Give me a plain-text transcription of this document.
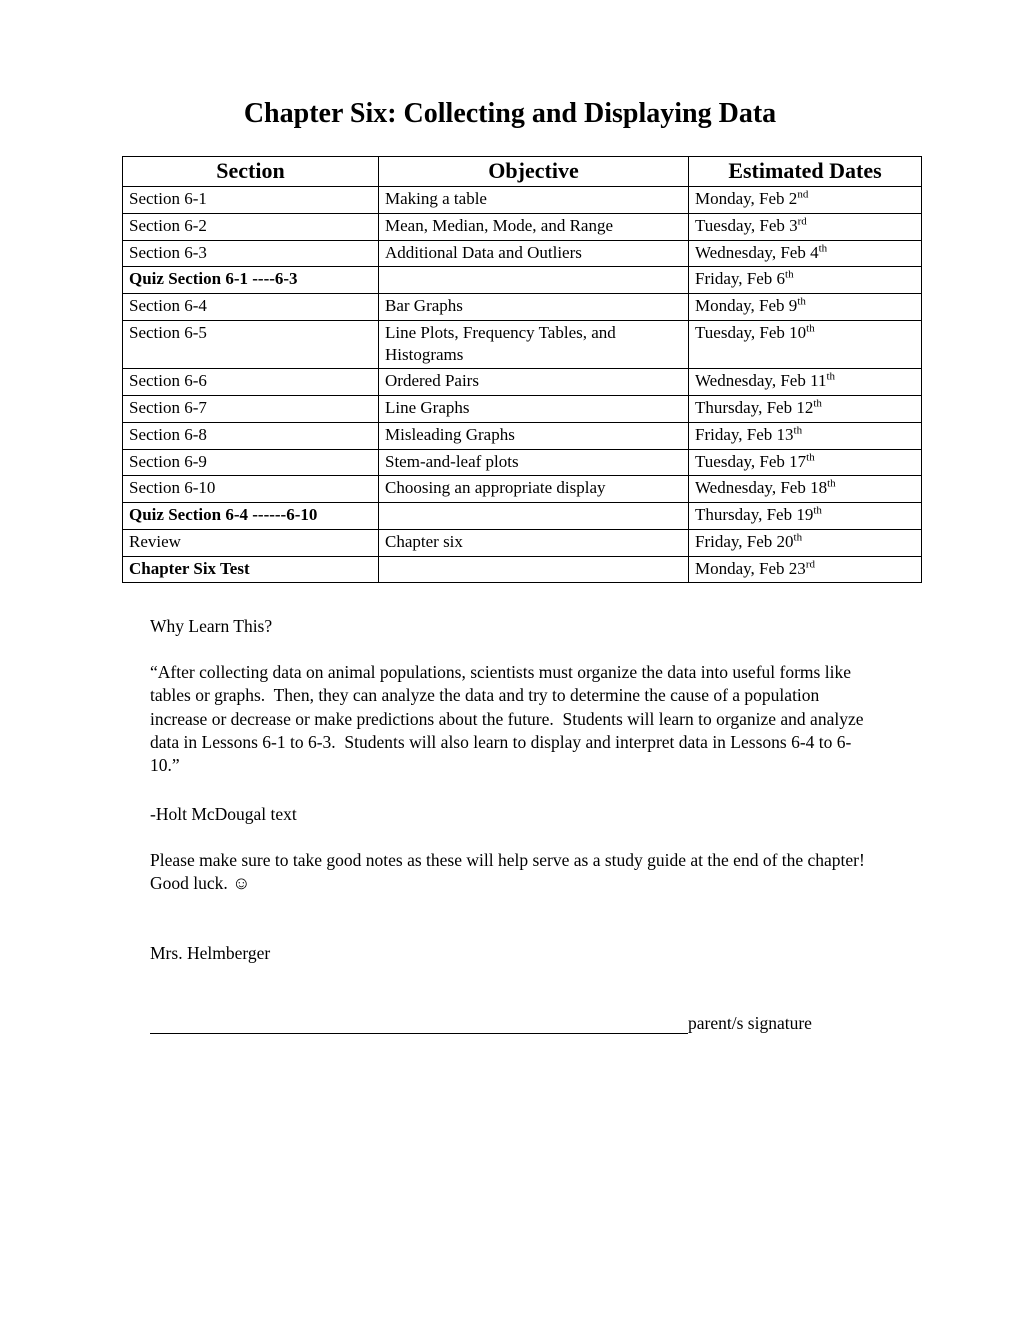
Chapter Six: Collecting and Displaying Data
Section	Objective	Estimated Dates
Section 6-1	Making a table	Monday, Feb 2nd
Section 6-2	Mean, Median, Mode, and Range	Tuesday, Feb 3rd
Section 6-3	Additional Data and Outliers	Wednesday, Feb 4th
Quiz Section 6-1 ----6-3		Friday, Feb 6th
Section 6-4	Bar Graphs	Monday, Feb 9th
Section 6-5	Line Plots, Frequency Tables, and Histograms	Tuesday, Feb 10th
Section 6-6	Ordered Pairs	Wednesday, Feb 11th
Section 6-7	Line Graphs	Thursday, Feb 12th
Section 6-8	Misleading Graphs	Friday, Feb 13th
Section 6-9	Stem-and-leaf plots	Tuesday, Feb 17th
Section 6-10	Choosing an appropriate display	Wednesday, Feb 18th
Quiz Section 6-4 ------6-10		Thursday, Feb 19th
Review	Chapter six	Friday, Feb 20th
Chapter Six Test		Monday, Feb 23rd

Why Learn This?

“After collecting data on animal populations, scientists must organize the data into useful forms like tables or graphs.  Then, they can analyze the data and try to determine the cause of a population increase or decrease or make predictions about the future.  Students will learn to organize and analyze data in Lessons 6-1 to 6-3.  Students will also learn to display and interpret data in Lessons 6-4 to 6-10.”

-Holt McDougal text

Please make sure to take good notes as these will help serve as a study guide at the end of the chapter!  Good luck. ☺

Mrs. Helmberger

parent/s signature
